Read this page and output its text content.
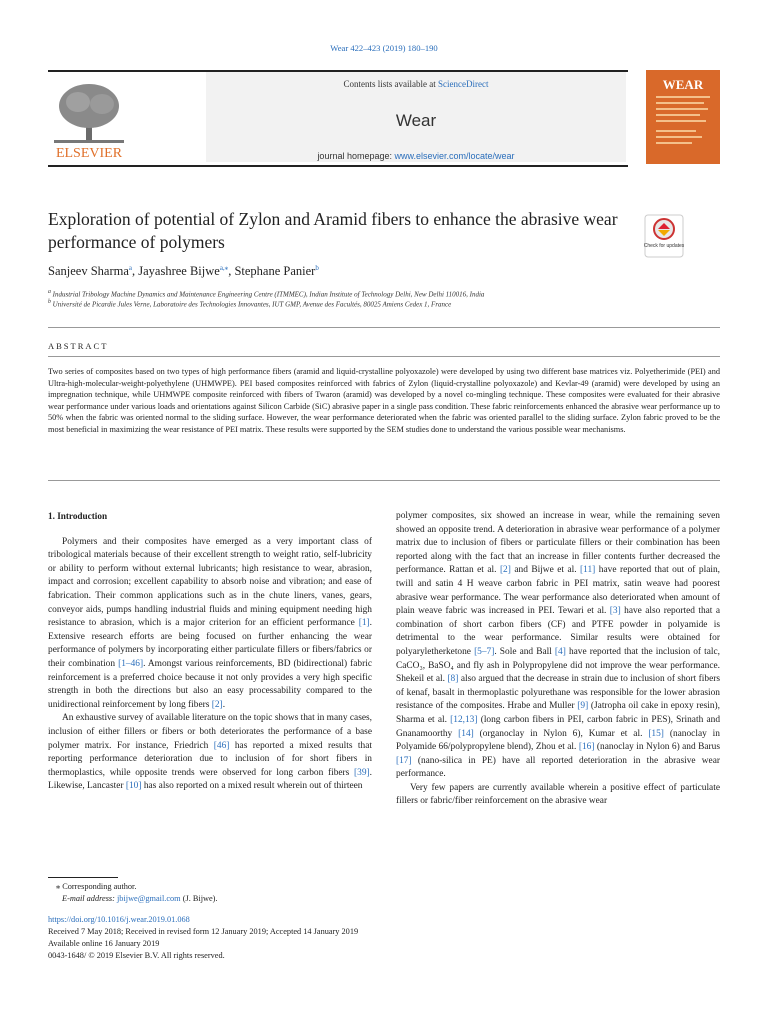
Wear 422–423 (2019) 180–190
ELSEVIER
Contents lists available at ScienceDirect
Wear
journal homepage: www.elsevier.com/locate/wear
WEAR
Exploration of potential of Zylon and Aramid fibers to enhance the abrasive wear performance of polymers	Check for updates
Sanjeev Sharma$^a$, Jayashree Bijwe$^{a,⁎}$, Stephane Panier$^b$
$^a$ Industrial Tribology Machine Dynamics and Maintenance Engineering Centre (ITMMEC), Indian Institute of Technology Delhi, New Delhi 110016, India
$^b$ Université de Picardie Jules Verne, Laboratoire des Technologies Innovantes, IUT GMP, Avenue des Facultés, 80025 Amiens Cedex 1, France
ABSTRACT
Two series of composites based on two types of high performance fibers (aramid and liquid-crystalline polyoxazole) were developed by using two different base matrices viz. Polyetherimide (PEI) and Ultra-high-molecular-weight-polyethylene (UHMWPE). PEI based composites reinforced with fabrics of Zylon (liquid-crystalline polyoxazole) and Kevlar-49 (aramid) were developed by using an impregnation technique, while UHMWPE composite reinforced with fibers of Twaron (aramid) was developed by a novel co-mingling technique. These composites were evaluated for their abrasive wear performance under various loads and orientations against Silicon Carbide (SiC) abrasive paper in a single pass condition. These fabric reinforcements enhanced the abrasive wear performance up to 50% when the fabric was oriented normal to the sliding surface. However, the wear performance deteriorated when the fabric was oriented parallel to the sliding surface. Zylon fabric proved to be the most beneficial in maximizing the wear resistance of PEI matrix. These results were supported by the SEM studies done to understand the various possible wear mechanisms.
1. Introduction

Polymers and their composites have emerged as a very important class of tribological materials because of their excellent strength to weight ratio, self-lubricity or ability to perform without external lubricants; high resistance to wear, abrasion, impact and corrosion; excellent capability to absorb noise and vibration; and ease of fabrication. Their common applications such as in the chute liners, vanes, gears, conveyor aids, pumps handling industrial fluids and mining equipment needing high resistance to abrasion, which is a major criterion for an efficient performance [1]. Extensive research efforts are being focused on further enhancing the wear performance of polymers by incorporating either particulate fillers or fibers/fabrics or their combination [1–46]. Amongst various reinforcements, BD (bidirectional) fabric reinforcement is a preferred choice because it not only provides a very high specific strength in both the directions but also an easy processability compared to the unidirectional reinforcement by long fibers [2].

An exhaustive survey of available literature on the topic shows that in many cases, inclusion of either fillers or fibers or both deteriorates the performance of a base polymer matrix. For instance, Friedrich [46] has reported a mixed results that reporting performance deterioration due to inclusion of for short fibers in thermoplastics, while opposite trends were observed for long carbon fibers [39]. Likewise, Lancaster [10] has also reported on a mixed result wherein out of thirteen

polymer composites, six showed an increase in wear, while the remaining seven showed an opposite trend. A deterioration in abrasive wear performance of a polymer matrix due to inclusion of fibers or particulate fillers or their combination has been reported along with the fact that an increase in filler contents further decreased the performance. Rattan et al. [2] and Bijwe et al. [11] have reported that out of plain, twill and satin 4 H weave carbon fabric in PEI matrix, satin weave had poorest abrasive wear performance. The wear performance also deteriorated when amount of plain weave fabric was increased in PEI. Tewari et al. [3] have also reported that a combination of short carbon fibers (CF) and PTFE powder in polyamide is detrimental to the wear performance. Similar results were obtained for polyaryletherketone [5–7]. Sole and Ball [4] have reported that the inclusion of talc, CaCO₃, BaSO₄ and fly ash in Polypropylene did not improve the wear performance. Shekeil et al. [8] also argued that the decrease in strain due to inclusion of short fibers of kenaf, basalt in thermoplastic polyurethane was responsible for the lower abrasion resistance of the composites. Hrabe and Muller [9] (Jatropha oil cake in epoxy resin), Sharma et al. [12,13] (long carbon fibers in PEI, carbon fabric in PES), Srinath and Gnanamoorthy [14] (organoclay in Nylon 6), Kumar et al. [15] (nanoclay in Polyamide 66/polypropylene blend), Zhou et al. [16] (nanoclay in Nylon 6) and Barus [17] (nano-silica in PE) have all reported deterioration in the abrasive wear performance.

Very few papers are currently available wherein a positive effect of particulate fillers or fabric/fiber reinforcement on the abrasive wear

⁎ Corresponding author.
E-mail address: jbijwe@gmail.com (J. Bijwe).
https://doi.org/10.1016/j.wear.2019.01.068
Received 7 May 2018; Received in revised form 12 January 2019; Accepted 14 January 2019
Available online 16 January 2019
0043-1648/ © 2019 Elsevier B.V. All rights reserved.
